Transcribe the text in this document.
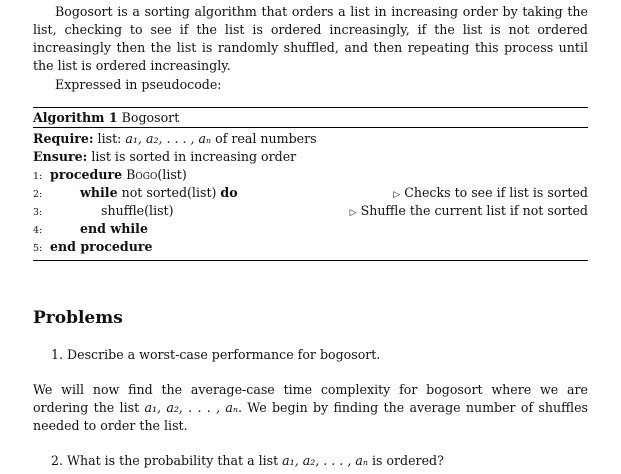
Bogosort is a sorting algorithm that orders a list in increasing order by taking the list, checking to see if the list is ordered increasingly, if the list is not ordered increasingly then the list is randomly shuffled, and then repeating this process until the list is ordered increasingly.

Expressed in pseudocode:

Algorithm 1 Bogosort
Require: list: a₁, a₂, . . . , aₙ of real numbers
Ensure: list is sorted in increasing order
1: procedure Bogo(list)
2:	while not sorted(list) do	▷ Checks to see if list is sorted
3:	shuffle(list)	▷ Shuffle the current list if not sorted
4:	end while
5: end procedure
Problems

1. Describe a worst-case performance for bogosort.

We will now find the average-case time complexity for bogosort where we are ordering the list a₁, a₂, . . . , aₙ. We begin by finding the average number of shuffles needed to order the list.

2. What is the probability that a list a₁, a₂, . . . , aₙ is ordered?
